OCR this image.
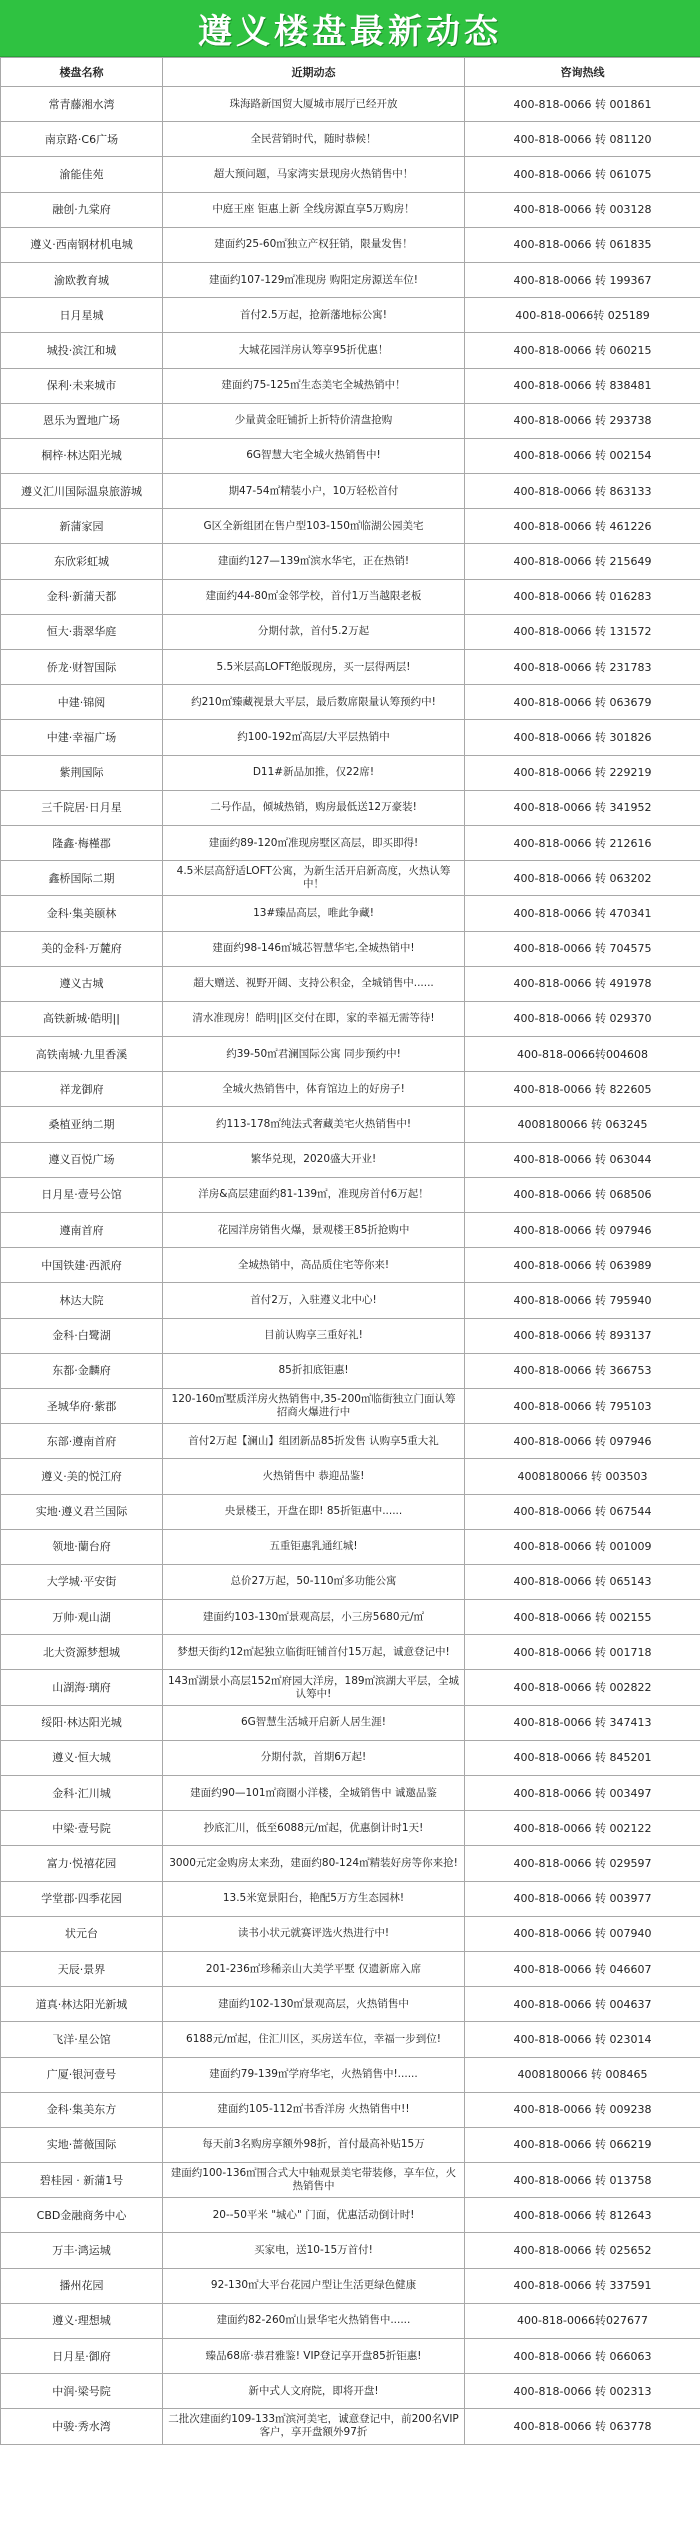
遵义楼盘最新动态
楼盘名称	近期动态	咨询热线
常青藤湘水湾	珠海路新国贸大厦城市展厅已经开放	400-818-0066 转 001861
南京路·C6广场	全民营销时代，随时恭候！	400-818-0066 转 081120
渝能佳苑	超大预问题，马家湾实景现房火热销售中！	400-818-0066 转 061075
融创·九棠府	中庭王座 钜惠上新 全线房源直享5万购房！	400-818-0066 转 003128
遵义·西南钢材机电城	建面约25-60㎡独立产权狂销，限量发售！	400-818-0066 转 061835
渝欧教育城	建面约107-129㎡准现房 购阳定房源送车位!	400-818-0066 转 199367
日月星城	首付2.5万起，抢新藩地标公寓!	400-818-0066转 025189
城投·滨江和城	大城花园洋房认筹享95折优惠！	400-818-0066 转 060215
保利·未来城市	建面约75-125㎡生态美宅全城热销中！	400-818-0066 转 838481
恩乐为置地广场	少量黄金旺铺折上折特价清盘抢购	400-818-0066 转 293738
桐梓·林达阳光城	6G智慧大宅全城火热销售中!	400-818-0066 转 002154
遵义汇川国际温泉旅游城	期47-54㎡精装小户，10万轻松首付	400-818-0066 转 863133
新蒲家园	G区全新组团在售户型103-150㎡临湖公园美宅	400-818-0066 转 461226
东欣彩虹城	建面约127—139㎡滨水华宅，正在热销!	400-818-0066 转 215649
金科·新蒲天都	建面约44-80㎡金邻学校，首付1万当越限老板	400-818-0066 转 016283
恒大·翡翠华庭	分期付款，首付5.2万起	400-818-0066 转 131572
侨龙·财智国际	5.5米层高LOFT绝版现房，买一层得两层!	400-818-0066 转 231783
中建·锦阅	约210㎡臻藏视景大平层，最后数席限量认筹预约中!	400-818-0066 转 063679
中建·幸福广场	约100-192㎡高层/大平层热销中	400-818-0066 转 301826
紫荆国际	D11#新品加推，仅22席!	400-818-0066 转 229219
三千院居·日月星	二号作品，倾城热销，购房最低送12万豪装!	400-818-0066 转 341952
隆鑫·梅槿郡	建面约89-120㎡准现房墅区高层，即买即得!	400-818-0066 转 212616
鑫桥国际二期	4.5米层高舒适LOFT公寓，为新生活开启新高度，火热认筹中！	400-818-0066 转 063202
金科·集美颐林	13#臻品高层，唯此争藏!	400-818-0066 转 470341
美的金科·万麓府	建面约98-146㎡城芯智慧华宅,全城热销中!	400-818-0066 转 704575
遵义古城	超大赠送、视野开阔、支持公积金，全城销售中......	400-818-0066 转 491978
高铁新城·皓明||	清水准现房！皓明||区交付在即，家的幸福无需等待!	400-818-0066 转 029370
高铁南城·九里香溪	约39-50㎡君澜国际公寓 同步预约中!	400-818-0066转004608
祥龙御府	全城火热销售中，体育馆边上的好房子!	400-818-0066 转 822605
桑植亚纳二期	约113-178㎡纯法式奢藏美宅火热销售中!	4008180066 转 063245
遵义百悦广场	繁华兑现，2020盛大开业!	400-818-0066 转 063044
日月星·壹号公馆	洋房&高层建面约81-139㎡，准现房首付6万起！	400-818-0066 转 068506
遵南首府	花园洋房销售火爆，景观楼王85折抢购中	400-818-0066 转 097946
中国铁建·西派府	全城热销中，高品质住宅等你来!	400-818-0066 转 063989
林达大院	首付2万，入驻遵义北中心!	400-818-0066 转 795940
金科·白鹭湖	目前认购享三重好礼!	400-818-0066 转 893137
东都·金麟府	85折扣底钜惠!	400-818-0066 转 366753
圣城华府·紫郡	120-160㎡墅质洋房火热销售中,35-200㎡临街独立门面认筹招商火爆进行中	400-818-0066 转 795103
东部·遵南首府	首付2万起【澜山】组团新品85折发售 认购享5重大礼	400-818-0066 转 097946
遵义·美的悦江府	火热销售中 恭迎品鉴!	4008180066 转 003503
实地·遵义君兰国际	央景楼王，开盘在即! 85折钜惠中......	400-818-0066 转 067544
领地·蘭台府	五重钜惠乳通红城!	400-818-0066 转 001009
大学城·平安街	总价27万起，50-110㎡多功能公寓	400-818-0066 转 065143
万帅·观山湖	建面约103-130㎡景观高层，小三房5680元/㎡	400-818-0066 转 002155
北大资源梦想城	梦想天街约12㎡起独立临街旺铺首付15万起，诚意登记中!	400-818-0066 转 001718
山湖海·璃府	143㎡湖景小高层152㎡府园大洋房，189㎡滨湖大平层，全城认筹中!	400-818-0066 转 002822
绥阳·林达阳光城	6G智慧生活城开启新人居生涯!	400-818-0066 转 347413
遵义·恒大城	分期付款，首期6万起!	400-818-0066 转 845201
金科·汇川城	建面约90—101㎡商圈小洋楼，全城销售中 诚邀品鉴	400-818-0066 转 003497
中梁·壹号院	抄底汇川，低至6088元/㎡起，优惠倒计时1天!	400-818-0066 转 002122
富力·悦禧花园	3000元定金购房太来劲，建面约80-124㎡精装好房等你来抢!	400-818-0066 转 029597
学堂郡·四季花园	13.5米宽景阳台，艳配5万方生态园林!	400-818-0066 转 003977
状元台	读书小状元就赛评选火热进行中!	400-818-0066 转 007940
天辰·景界	201-236㎡珍稀亲山大美学平墅 仅遗新席入席	400-818-0066 转 046607
道真·林达阳光新城	建面约102-130㎡景观高层，火热销售中	400-818-0066 转 004637
飞洋·星公馆	6188元/㎡起，住汇川区，买房送车位，幸福一步到位!	400-818-0066 转 023014
广厦·银河壹号	建面约79-139㎡学府华宅，火热销售中!......	4008180066 转 008465
金科·集美东方	建面约105-112㎡书香洋房 火热销售中!!	400-818-0066 转 009238
实地·蔷薇国际	每天前3名购房享额外98折，首付最高补贴15万	400-818-0066 转 066219
碧桂园 · 新蒲1号	建面约100-136㎡围合式大中轴观景美宅带装修，享车位，火热销售中	400-818-0066 转 013758
CBD金融商务中心	20--50平米 "城心" 门面，优惠活动倒计时!	400-818-0066 转 812643
万丰·鸿运城	买家电，送10-15万首付!	400-818-0066 转 025652
播州花园	92-130㎡大平台花园户型让生活更绿色健康	400-818-0066 转 337591
遵义·理想城	建面约82-260㎡山景华宅火热销售中......	400-818-0066转027677
日月星·御府	臻品68席·恭君雅鉴! VIP登记享开盘85折钜惠!	400-818-0066 转 066063
中润·梁号院	新中式人文府院，即将开盘!	400-818-0066 转 002313
中骏·秀水湾	二批次建面约109-133㎡滨河美宅，诚意登记中，前200名VIP客户，享开盘额外97折	400-818-0066 转 063778
